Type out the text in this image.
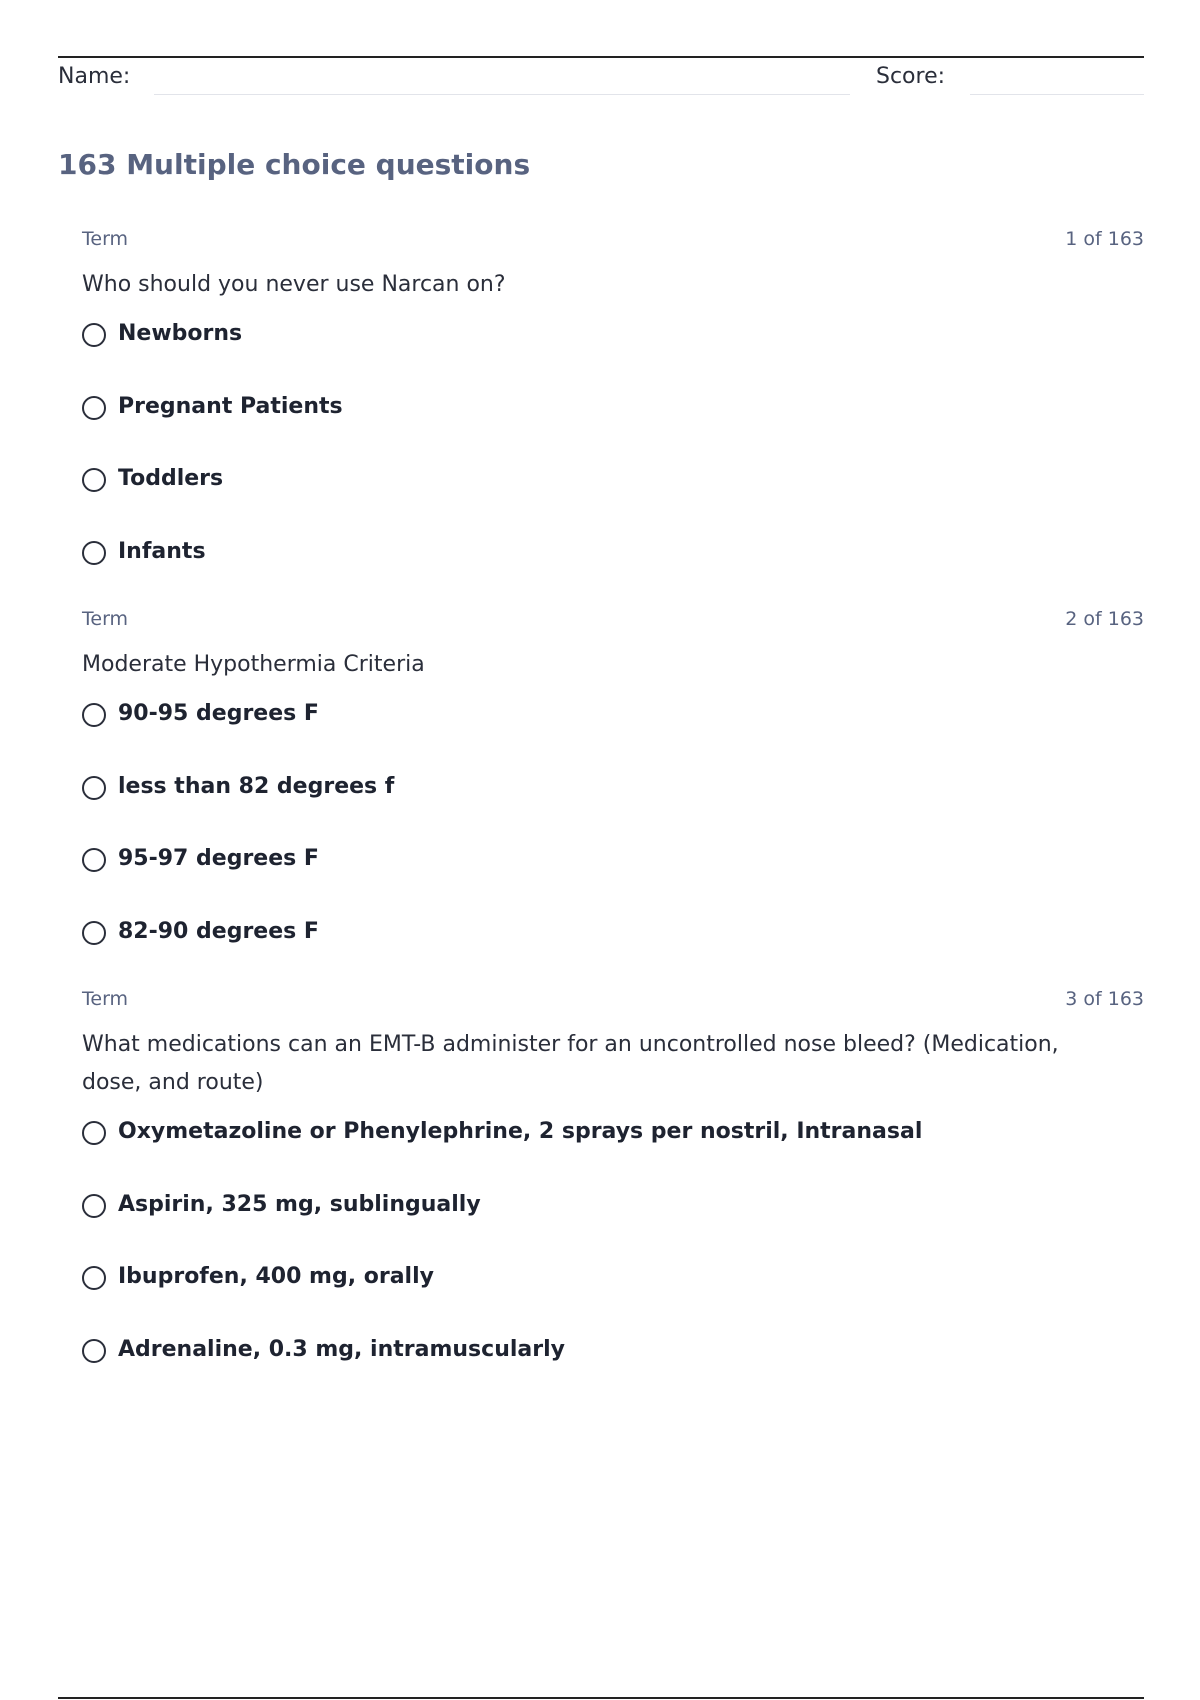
Name:	Score:
163 Multiple choice questions
Term	1 of 163

Who should you never use Narcan on?

Newborns
Pregnant Patients
Toddlers
Infants
Term	2 of 163

Moderate Hypothermia Criteria

90-95 degrees F
less than 82 degrees f
95-97 degrees F
82-90 degrees F
Term	3 of 163

What medications can an EMT-B administer for an uncontrolled nose bleed? (Medication, dose, and route)

Oxymetazoline or Phenylephrine, 2 sprays per nostril, Intranasal
Aspirin, 325 mg, sublingually
Ibuprofen, 400 mg, orally
Adrenaline, 0.3 mg, intramuscularly
